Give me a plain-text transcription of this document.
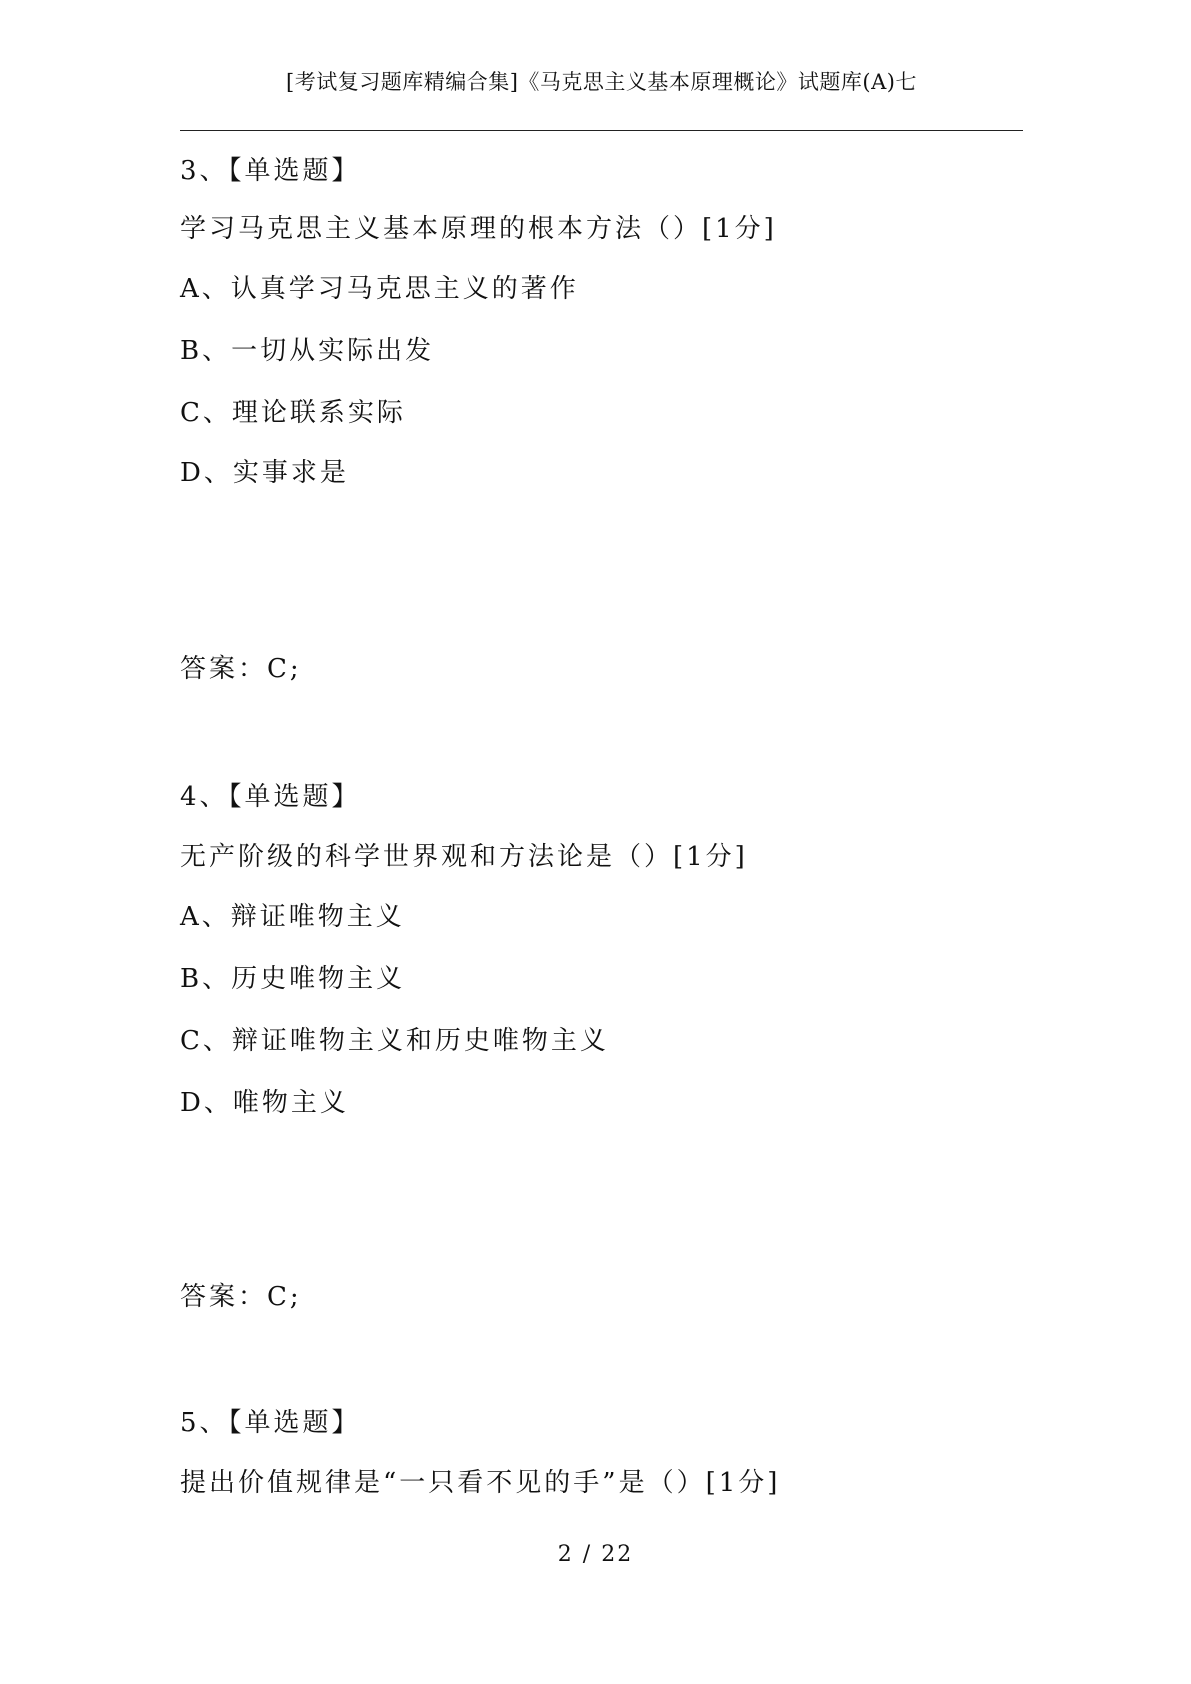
[考试复习题库精编合集]《马克思主义基本原理概论》试题库(A)七
3、【单选题】
学习马克思主义基本原理的根本方法（）[1分]
A、认真学习马克思主义的著作
B、一切从实际出发
C、理论联系实际
D、实事求是
答案：C;
4、【单选题】
无产阶级的科学世界观和方法论是（）[1分]
A、辩证唯物主义
B、历史唯物主义
C、辩证唯物主义和历史唯物主义
D、唯物主义
答案：C;
5、【单选题】
提出价值规律是“一只看不见的手”是（）[1分]
2 / 22
